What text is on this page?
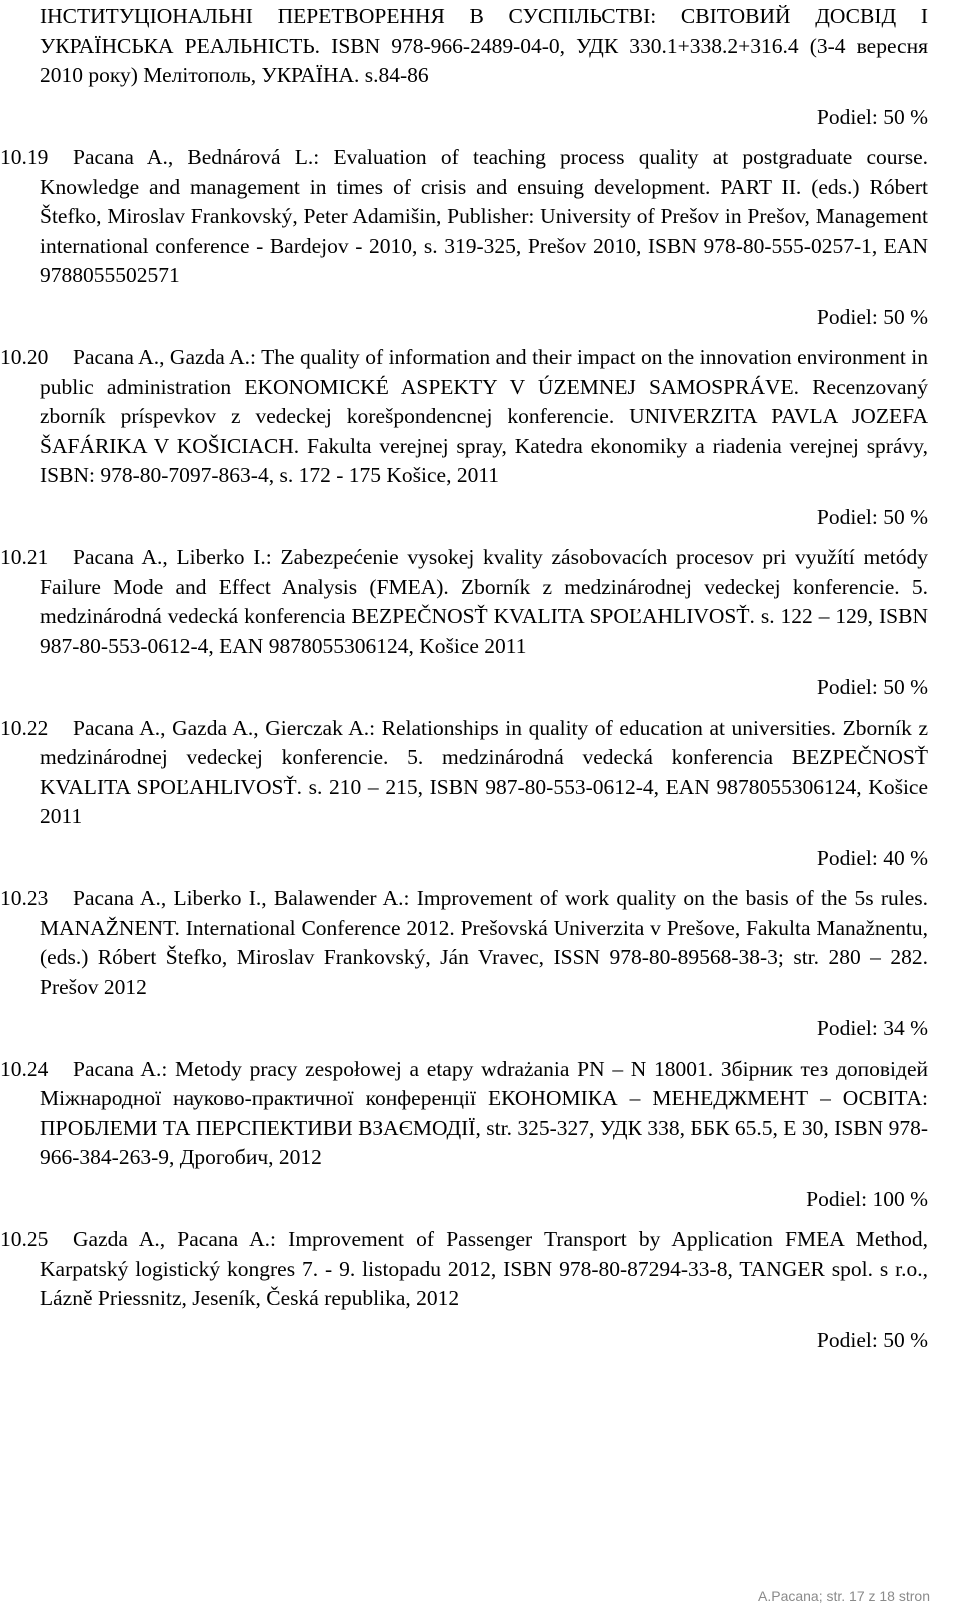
ІНСТИТУЦІОНАЛЬНІ ПЕРЕТВОРЕННЯ В СУСПІЛЬСТВІ: СВІТОВИЙ ДОСВІД І УКРАЇНСЬКА РЕАЛЬНІСТЬ. ISBN 978-966-2489-04-0, УДК 330.1+338.2+316.4 (3-4 вересня 2010 року) Мелітополь, УКРАЇНА. s.84-86
Podiel: 50 %
10.19 Pacana A., Bednárová L.: Evaluation of teaching process quality at postgraduate course. Knowledge and management in times of crisis and ensuing development. PART II. (eds.) Róbert Štefko, Miroslav Frankovský, Peter Adamišin, Publisher: University of Prešov in Prešov, Management international conference - Bardejov - 2010, s. 319-325, Prešov 2010, ISBN 978-80-555-0257-1, EAN 9788055502571
Podiel: 50 %
10.20 Pacana A., Gazda A.: The quality of information and their impact on the innovation environment in public administration EKONOMICKÉ ASPEKTY V ÚZEMNEJ SAMOSPRÁVE. Recenzovaný zborník príspevkov z vedeckej korešpondencnej konferencie. UNIVERZITA PAVLA JOZEFA ŠAFÁRIKA V KOŠICIACH. Fakulta verejnej spray, Katedra ekonomiky a riadenia verejnej správy, ISBN: 978-80-7097-863-4, s. 172 - 175 Košice, 2011
Podiel: 50 %
10.21 Pacana A., Liberko I.: Zabezpećenie vysokej kvality zásobovacích procesov pri využítí metódy Failure Mode and Effect Analysis (FMEA). Zborník z medzinárodnej vedeckej konferencie. 5. medzinárodná vedecká konferencia BEZPEČNOSŤ KVALITA SPOĽAHLIVOSŤ. s. 122 – 129, ISBN 987-80-553-0612-4, EAN 9878055306124, Košice 2011
Podiel: 50 %
10.22 Pacana A., Gazda A., Gierczak A.: Relationships in quality of education at universities. Zborník z medzinárodnej vedeckej konferencie. 5. medzinárodná vedecká konferencia BEZPEČNOSŤ KVALITA SPOĽAHLIVOSŤ. s. 210 – 215, ISBN 987-80-553-0612-4, EAN 9878055306124, Košice 2011
Podiel: 40 %
10.23 Pacana A., Liberko I., Balawender A.: Improvement of work quality on the basis of the 5s rules. MANAŽNENT. International Conference 2012. Prešovská Univerzita v Prešove, Fakulta Manažnentu, (eds.) Róbert Štefko, Miroslav Frankovský, Ján Vravec, ISSN 978-80-89568-38-3; str. 280 – 282. Prešov 2012
Podiel: 34 %
10.24 Pacana A.: Metody pracy zespołowej a etapy wdrażania PN – N 18001. Збірник тез доповідей Міжнародної науково-практичної конференції ЕКОНОМІКА – МЕНЕДЖМЕНТ – ОСВІТА: ПРОБЛЕМИ ТА ПЕРСПЕКТИВИ ВЗАЄМОДІЇ, str. 325-327, УДК 338, ББК 65.5, Е 30, ISBN 978-966-384-263-9, Дрогобич, 2012
Podiel: 100 %
10.25 Gazda A., Pacana A.: Improvement of Passenger Transport by Application FMEA Method, Karpatský logistický kongres 7. - 9. listopadu 2012, ISBN 978-80-87294-33-8, TANGER spol. s r.o., Lázně Priessnitz, Jeseník, Česká republika, 2012
Podiel: 50 %
A.Pacana; str. 17 z 18 stron
